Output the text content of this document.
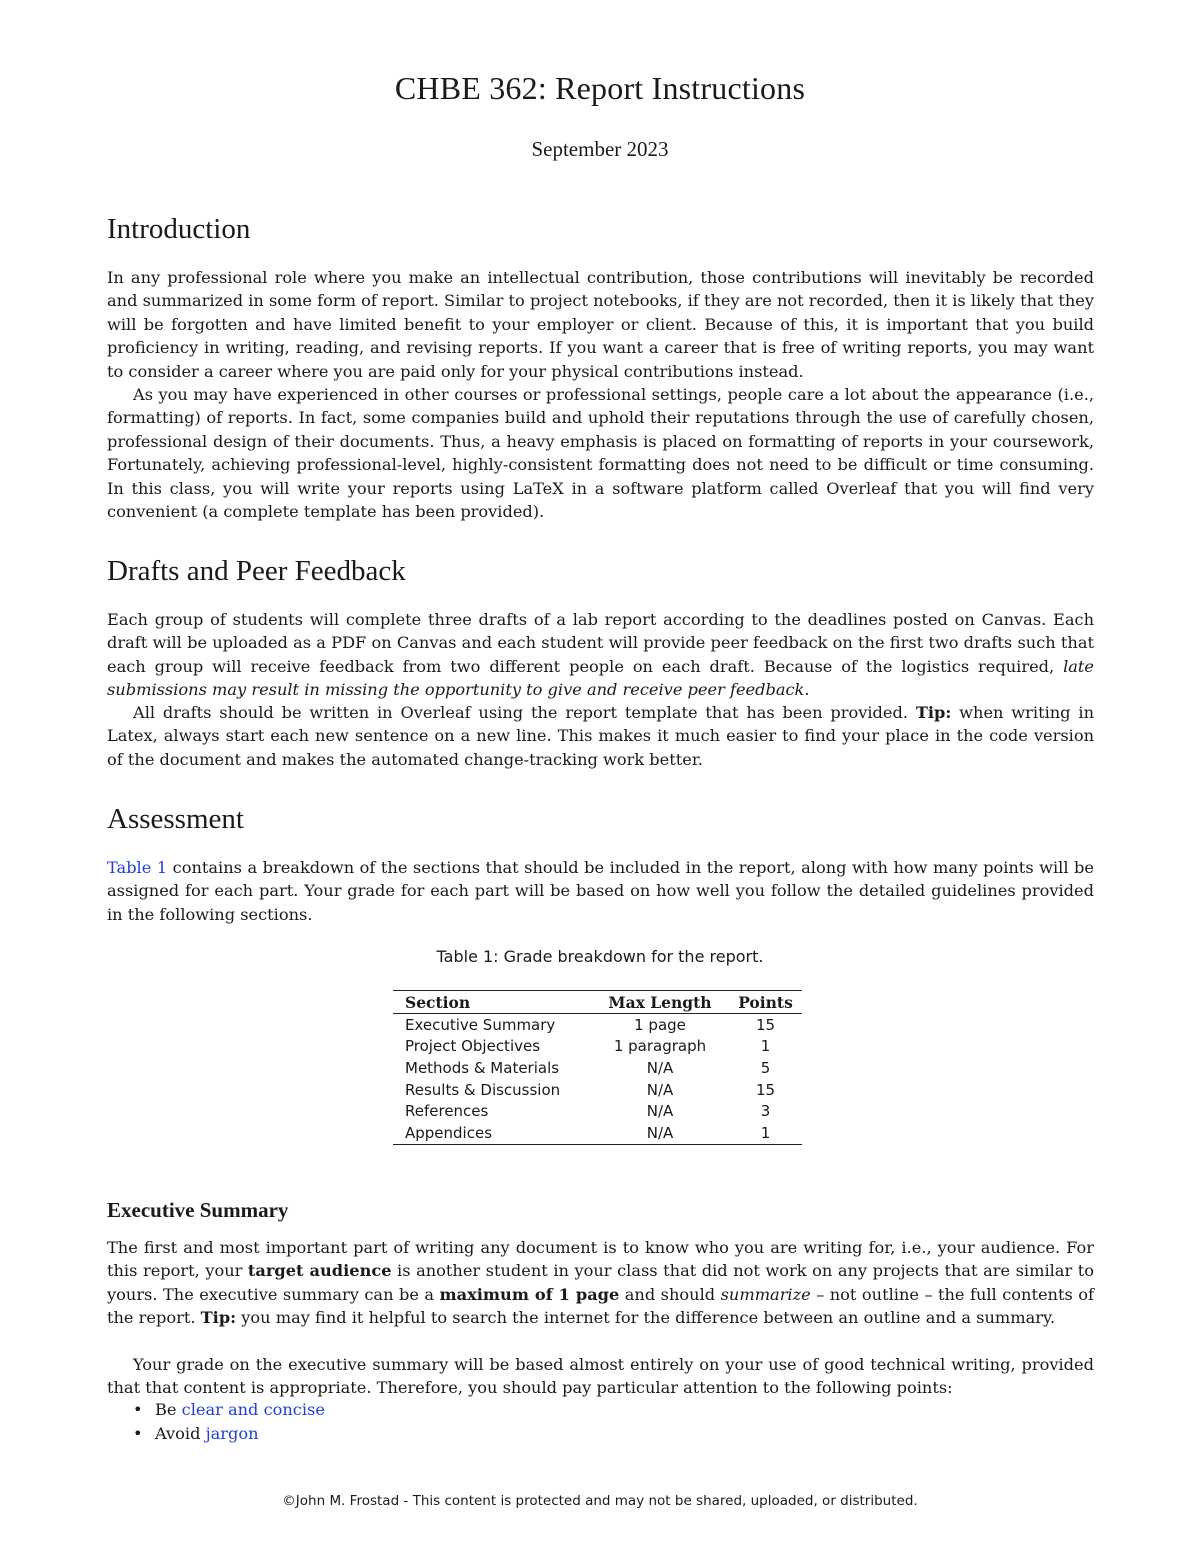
CHBE 362: Report Instructions
September 2023
Introduction

In any professional role where you make an intellectual contribution, those contributions will inevitably be recorded and summarized in some form of report. Similar to project notebooks, if they are not recorded, then it is likely that they will be forgotten and have limited benefit to your employer or client. Because of this, it is important that you build proficiency in writing, reading, and revising reports. If you want a career that is free of writing reports, you may want to consider a career where you are paid only for your physical contributions instead.

As you may have experienced in other courses or professional settings, people care a lot about the appearance (i.e., formatting) of reports. In fact, some companies build and uphold their reputations through the use of carefully chosen, professional design of their documents. Thus, a heavy emphasis is placed on formatting of reports in your coursework, Fortunately, achieving professional-level, highly-consistent formatting does not need to be difficult or time consuming. In this class, you will write your reports using LaTeX in a software platform called Overleaf that you will find very convenient (a complete template has been provided).

Drafts and Peer Feedback

Each group of students will complete three drafts of a lab report according to the deadlines posted on Canvas. Each draft will be uploaded as a PDF on Canvas and each student will provide peer feedback on the first two drafts such that each group will receive feedback from two different people on each draft. Because of the logistics required, late submissions may result in missing the opportunity to give and receive peer feedback.

All drafts should be written in Overleaf using the report template that has been provided. Tip: when writing in Latex, always start each new sentence on a new line. This makes it much easier to find your place in the code version of the document and makes the automated change-tracking work better.

Assessment

Table 1 contains a breakdown of the sections that should be included in the report, along with how many points will be assigned for each part. Your grade for each part will be based on how well you follow the detailed guidelines provided in the following sections.

Table 1: Grade breakdown for the report.
Section	Max Length	Points
Executive Summary	1 page	15
Project Objectives	1 paragraph	1
Methods & Materials	N/A	5
Results & Discussion	N/A	15
References	N/A	3
Appendices	N/A	1
Executive Summary

The first and most important part of writing any document is to know who you are writing for, i.e., your audience. For this report, your target audience is another student in your class that did not work on any projects that are similar to yours. The executive summary can be a maximum of 1 page and should summarize – not outline – the full contents of the report. Tip: you may find it helpful to search the internet for the difference between an outline and a summary.

Your grade on the executive summary will be based almost entirely on your use of good technical writing, provided that that content is appropriate. Therefore, you should pay particular attention to the following points:

• Be clear and concise
• Avoid jargon
©John M. Frostad - This content is protected and may not be shared, uploaded, or distributed.
